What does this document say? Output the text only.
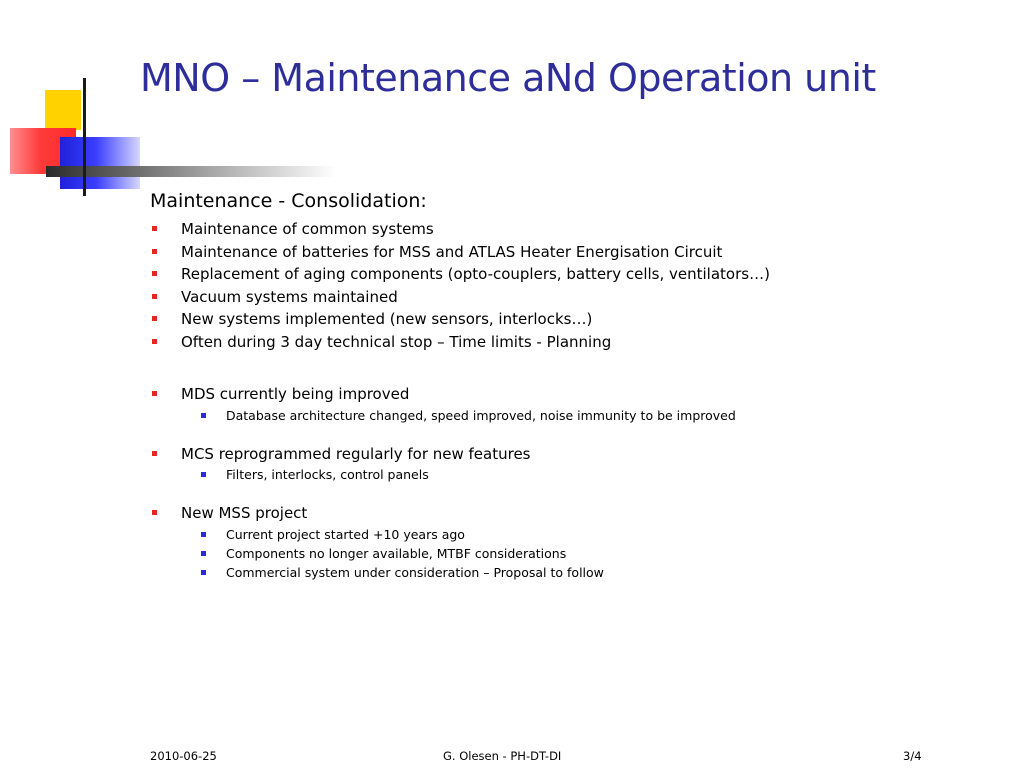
MNO – Maintenance aNd Operation unit
Maintenance - Consolidation:
Maintenance of common systems
Maintenance of batteries for MSS and ATLAS Heater Energisation Circuit
Replacement of aging components (opto-couplers, battery cells, ventilators…)
Vacuum systems maintained
New systems implemented (new sensors, interlocks…)
Often during 3 day technical stop – Time limits - Planning
MDS currently being improved
Database architecture changed, speed improved, noise immunity to be improved
MCS reprogrammed regularly for new features
Filters, interlocks, control panels
New MSS project
Current project started +10 years ago
Components no longer available, MTBF considerations
Commercial system under consideration – Proposal to follow
2010-06-25	G. Olesen - PH-DT-DI	3/4
